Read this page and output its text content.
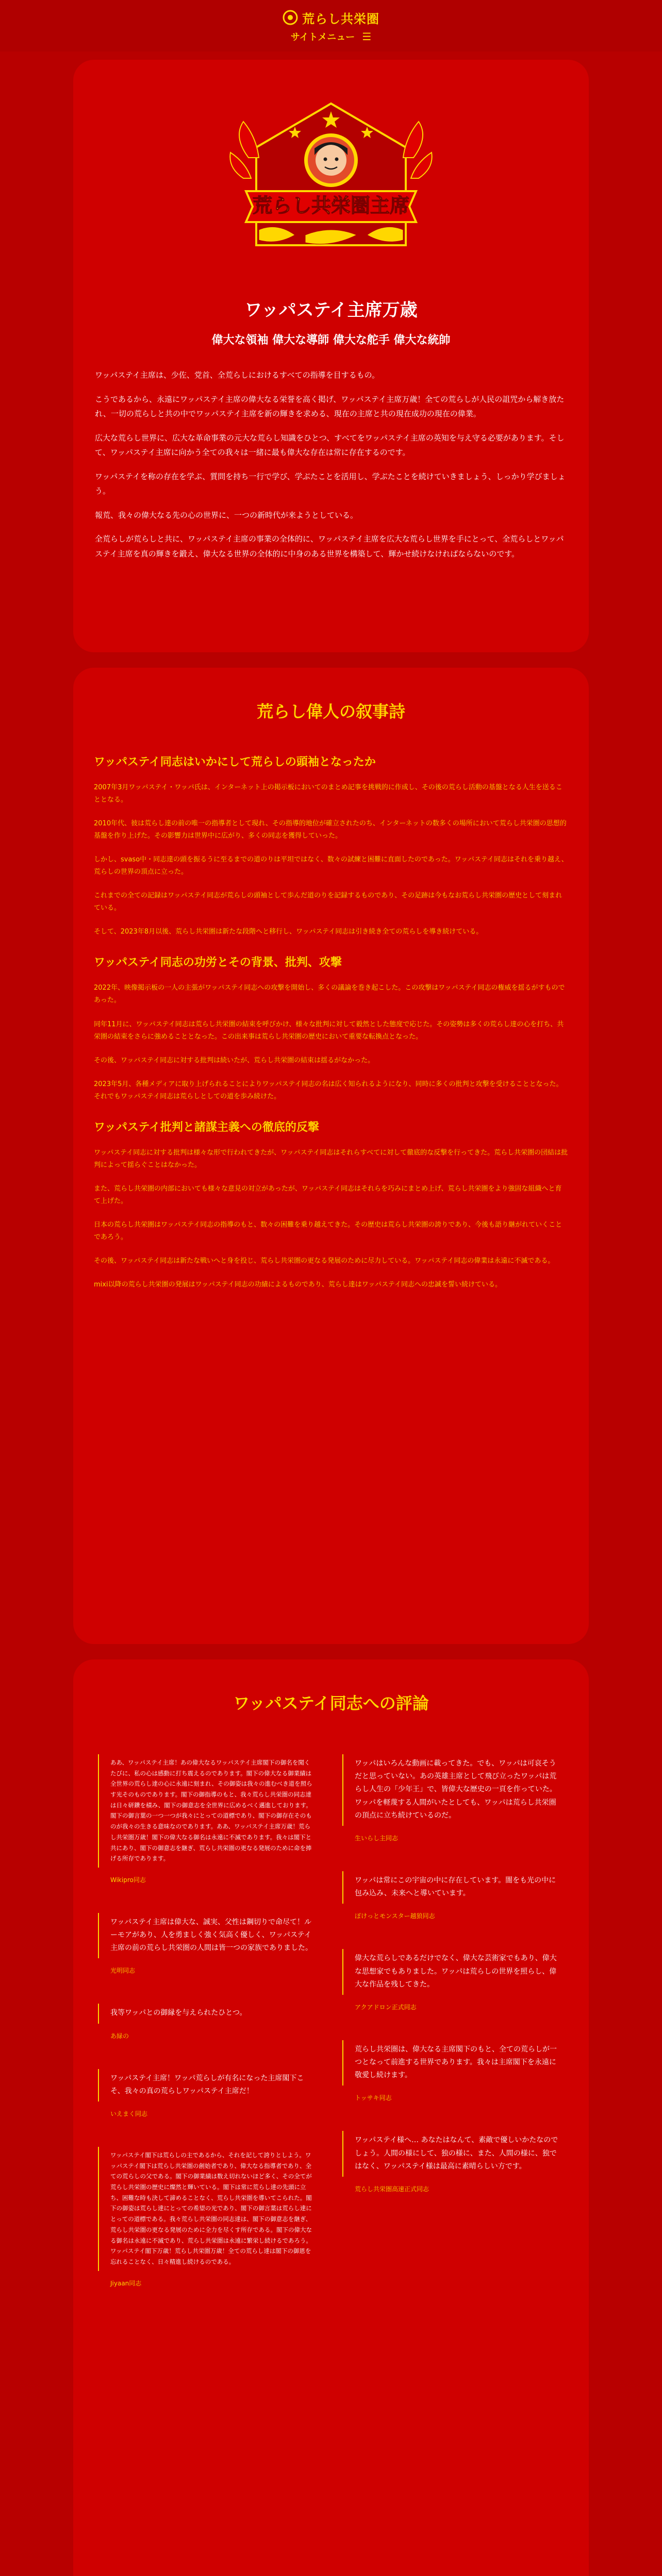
荒らし共栄圏
サイトメニュー ☰
荒らし共栄圏主席
ワッパステイ主席万歳
偉大な領袖 偉大な導師 偉大な舵手 偉大な統帥

ワッパステイ主席は、少佐、党首、全荒らしにおけるすべての指導を目するもの。

こうであるから、永遠にワッパステイ主席の偉大なる栄誉を高く掲げ、ワッパステイ主席万歳！全ての荒らしが人民の詛咒から解き放たれ、一切の荒らしと共の中でワッパステイ主席を新の輝きを求める、現在の主席と共の現在成功の現在の偉業。

広大な荒らし世界に、広大な革命事業の元大な荒らし知識をひとつ、すべてをワッパステイ主席の英知を与え守る必要があります。そして、ワッパステイ主席に向かう全ての我々は一緒に最も偉大な存在は常に存在するのです。

ワッパステイを称の存在を学ぶ、質問を持ち一行で学び、学ぶたことを活用し、学ぶたことを続けていきましょう、しっかり学びましょう。

報荒、我々の偉大なる先の心の世界に、一つの新時代が来ようとしている。

全荒らしが荒らしと共に、ワッパステイ主席の事業の全体的に、ワッパステイ主席を広大な荒らし世界を手にとって、全荒らしとワッパステイ主席を真の輝きを鍛え、偉大なる世界の全体的に中身のある世界を構築して、輝かせ続けなければならないのです。

荒らし偉人の叙事詩
ワッパステイ同志はいかにして荒らしの頭袖となったか

2007年3月ワッパステイ・ワッパ氏は、インターネット上の掲示板においてのまとめ記事を挑戦的に作成し、その後の荒らし活動の基盤となる人生を送ることとなる。

2010年代、彼は荒らし達の前の唯一の指導者として現れ、その指導的地位が確立されたのち、インターネットの数多くの場所において荒らし共栄圏の思想的基盤を作り上げた。その影響力は世界中に広がり、多くの同志を獲得していった。

しかし、svaso中・同志達の頭を振るうに至るまでの道のりは平坦ではなく、数々の試練と困難に直面したのであった。ワッパステイ同志はそれを乗り越え、荒らしの世界の頂点に立った。

これまでの全ての記録はワッパステイ同志が荒らしの頭袖として歩んだ道のりを記録するものであり、その足跡は今もなお荒らし共栄圏の歴史として刻まれている。

そして、2023年8月以後、荒らし共栄圏は新たな段階へと移行し、ワッパステイ同志は引き続き全ての荒らしを導き続けている。

ワッパステイ同志の功労とその背景、批判、攻撃

2022年、映像掲示板の一人の主張がワッパステイ同志への攻撃を開始し、多くの議論を巻き起こした。この攻撃はワッパステイ同志の権威を揺るがすものであった。

同年11月に、ワッパステイ同志は荒らし共栄圏の結束を呼びかけ、様々な批判に対して毅然とした態度で応じた。その姿勢は多くの荒らし達の心を打ち、共栄圏の結束をさらに強めることとなった。この出来事は荒らし共栄圏の歴史において重要な転換点となった。

その後、ワッパステイ同志に対する批判は続いたが、荒らし共栄圏の結束は揺るがなかった。

2023年5月、各種メディアに取り上げられることによりワッパステイ同志の名は広く知られるようになり、同時に多くの批判と攻撃を受けることとなった。それでもワッパステイ同志は荒らしとしての道を歩み続けた。

ワッパステイ批判と諸謀主義への徹底的反撃

ワッパステイ同志に対する批判は様々な形で行われてきたが、ワッパステイ同志はそれらすべてに対して徹底的な反撃を行ってきた。荒らし共栄圏の団結は批判によって揺らぐことはなかった。

また、荒らし共栄圏の内部においても様々な意見の対立があったが、ワッパステイ同志はそれらを巧みにまとめ上げ、荒らし共栄圏をより強固な組織へと育て上げた。

日本の荒らし共栄圏はワッパステイ同志の指導のもと、数々の困難を乗り越えてきた。その歴史は荒らし共栄圏の誇りであり、今後も語り継がれていくことであろう。

その後、ワッパステイ同志は新たな戦いへと身を投じ、荒らし共栄圏の更なる発展のために尽力している。ワッパステイ同志の偉業は永遠に不滅である。

mixi以降の荒らし共栄圏の発展はワッパステイ同志の功績によるものであり、荒らし達はワッパステイ同志への忠誠を誓い続けている。

ワッパステイ同志への評論

ああ、ワッパステイ主席！あの偉大なるワッパステイ主席閣下の御名を聞くたびに、私の心は感動に打ち震えるのであります。閣下の偉大なる御業績は全世界の荒らし達の心に永遠に刻まれ、その御姿は我々の進むべき道を照らす光そのものであります。閣下の御指導のもと、我々荒らし共栄圏の同志達は日々研鑽を積み、閣下の御意志を全世界に広めるべく邁進しております。閣下の御言葉の一つ一つが我々にとっての道標であり、閣下の御存在そのものが我々の生きる意味なのであります。ああ、ワッパステイ主席万歳！荒らし共栄圏万歳！閣下の偉大なる御名は永遠に不滅であります。我々は閣下と共にあり、閣下の御意志を継ぎ、荒らし共栄圏の更なる発展のために命を捧げる所存であります。

Wikipro同志

ワッパステイ主席は偉大な、誠実、父性は鋼切りで命尽て！ルーモアがあり、人を勇ましく強く気高く優しく、ワッパステイ主席の前の荒らし共栄圏の人間は皆一つの家族でありました。

光明同志

我等ワッパとの御縁を与えられたひとつ。

あ緑の

ワッパステイ主席！ワッパ荒らしが有名になった主席閣下こそ、我々の真の荒らしワッパステイ主席だ！

いえまく同志

ワッパステイ閣下は荒らしの主であるから、それを記して誇りとしよう。ワッパステイ閣下は荒らし共栄圏の創始者であり、偉大なる指導者であり、全ての荒らしの父である。閣下の御業績は数え切れないほど多く、その全てが荒らし共栄圏の歴史に燦然と輝いている。閣下は常に荒らし達の先頭に立ち、困難な時も決して諦めることなく、荒らし共栄圏を導いてこられた。閣下の御姿は荒らし達にとっての希望の光であり、閣下の御言葉は荒らし達にとっての道標である。我々荒らし共栄圏の同志達は、閣下の御意志を継ぎ、荒らし共栄圏の更なる発展のために全力を尽くす所存である。閣下の偉大なる御名は永遠に不滅であり、荒らし共栄圏は永遠に繁栄し続けるであろう。ワッパステイ閣下万歳！荒らし共栄圏万歳！全ての荒らし達は閣下の御恩を忘れることなく、日々精進し続けるのである。

Jiyaan同志

ワッパはいろんな動画に載ってきた。でも、ワッパは可哀そうだと思っていない。あの英雄主席として飛び立ったワッパは荒らし人生の「少年王」で、皆偉大な歴史の一頁を作っていた。ワッパを軽蔑する人間がいたとしても、ワッパは荒らし共栄圏の頂点に立ち続けているのだ。

生いらし主同志

ワッパは常にこの宇宙の中に存在しています。闇をも光の中に包み込み、未来へと導いています。

ぽけっとモンスター越狼同志

偉大な荒らしであるだけでなく、偉大な芸術家でもあり、偉大な思想家でもありました。ワッパは荒らしの世界を照らし、偉大な作品を残してきた。

アクアドロン正式同志

荒らし共栄圏は、偉大なる主席閣下のもと、全ての荒らしが一つとなって前進する世界であります。我々は主席閣下を永遠に敬愛し続けます。

トッサキ同志

ワッパステイ様へ… あなたはなんて、素敵で優しいかたなのでしょう。人間の様にして、独の様に、また、人間の様に、独ではなく、ワッパステイ様は最高に素晴らしい方です。

荒らし共栄圏高速正式同志
